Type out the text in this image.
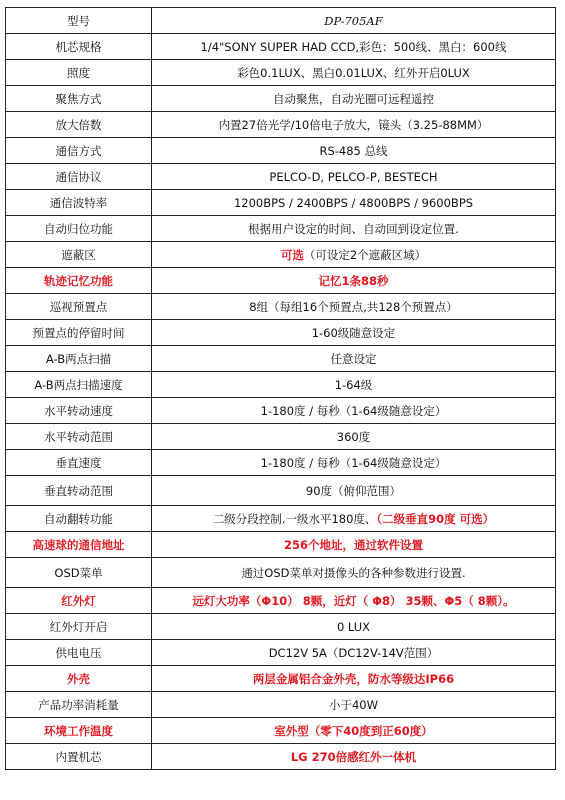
型号	DP-705AF
机芯规格	1/4"SONY SUPER HAD CCD,彩色：500线、黑白：600线
照度	彩色0.1LUX、黑白0.01LUX、红外开启0LUX
聚焦方式	自动聚焦，自动光圈可远程遥控
放大倍数	内置27倍光学/10倍电子放大，镜头（3.25-88MM）
通信方式	RS-485 总线
通信协议	PELCO-D, PELCO-P, BESTECH
通信波特率	1200BPS / 2400BPS / 4800BPS / 9600BPS
自动归位功能	根据用户设定的时间、自动回到设定位置.
遮蔽区	可选（可设定2个遮蔽区域）
轨迹记忆功能	记忆1条88秒
巡视预置点	8组（每组16个预置点,共128个预置点）
预置点的停留时间	1-60级随意设定
A-B两点扫描	任意设定
A-B两点扫描速度	1-64级
水平转动速度	1-180度 / 每秒（1-64级随意设定）
水平转动范围	360度
垂直速度	1-180度 / 每秒（1-64级随意设定）
垂直转动范围	90度（俯仰范围）
自动翻转功能	二级分段控制.一级水平180度、（二级垂直90度 可选）
高速球的通信地址	256个地址，通过软件设置
OSD菜单	通过OSD菜单对摄像头的各种参数进行设置.
红外灯	远灯大功率（Φ10） 8颗，近灯（ Φ8） 35颗、Φ5（ 8颗）。
红外灯开启	0 LUX
供电电压	DC12V 5A（DC12V-14V范围）
外壳	两层金属铝合金外壳，防水等级达IP66
产品功率消耗量	小于40W
环境工作温度	室外型（零下40度到正60度）
内置机芯	LG 270倍感红外一体机
